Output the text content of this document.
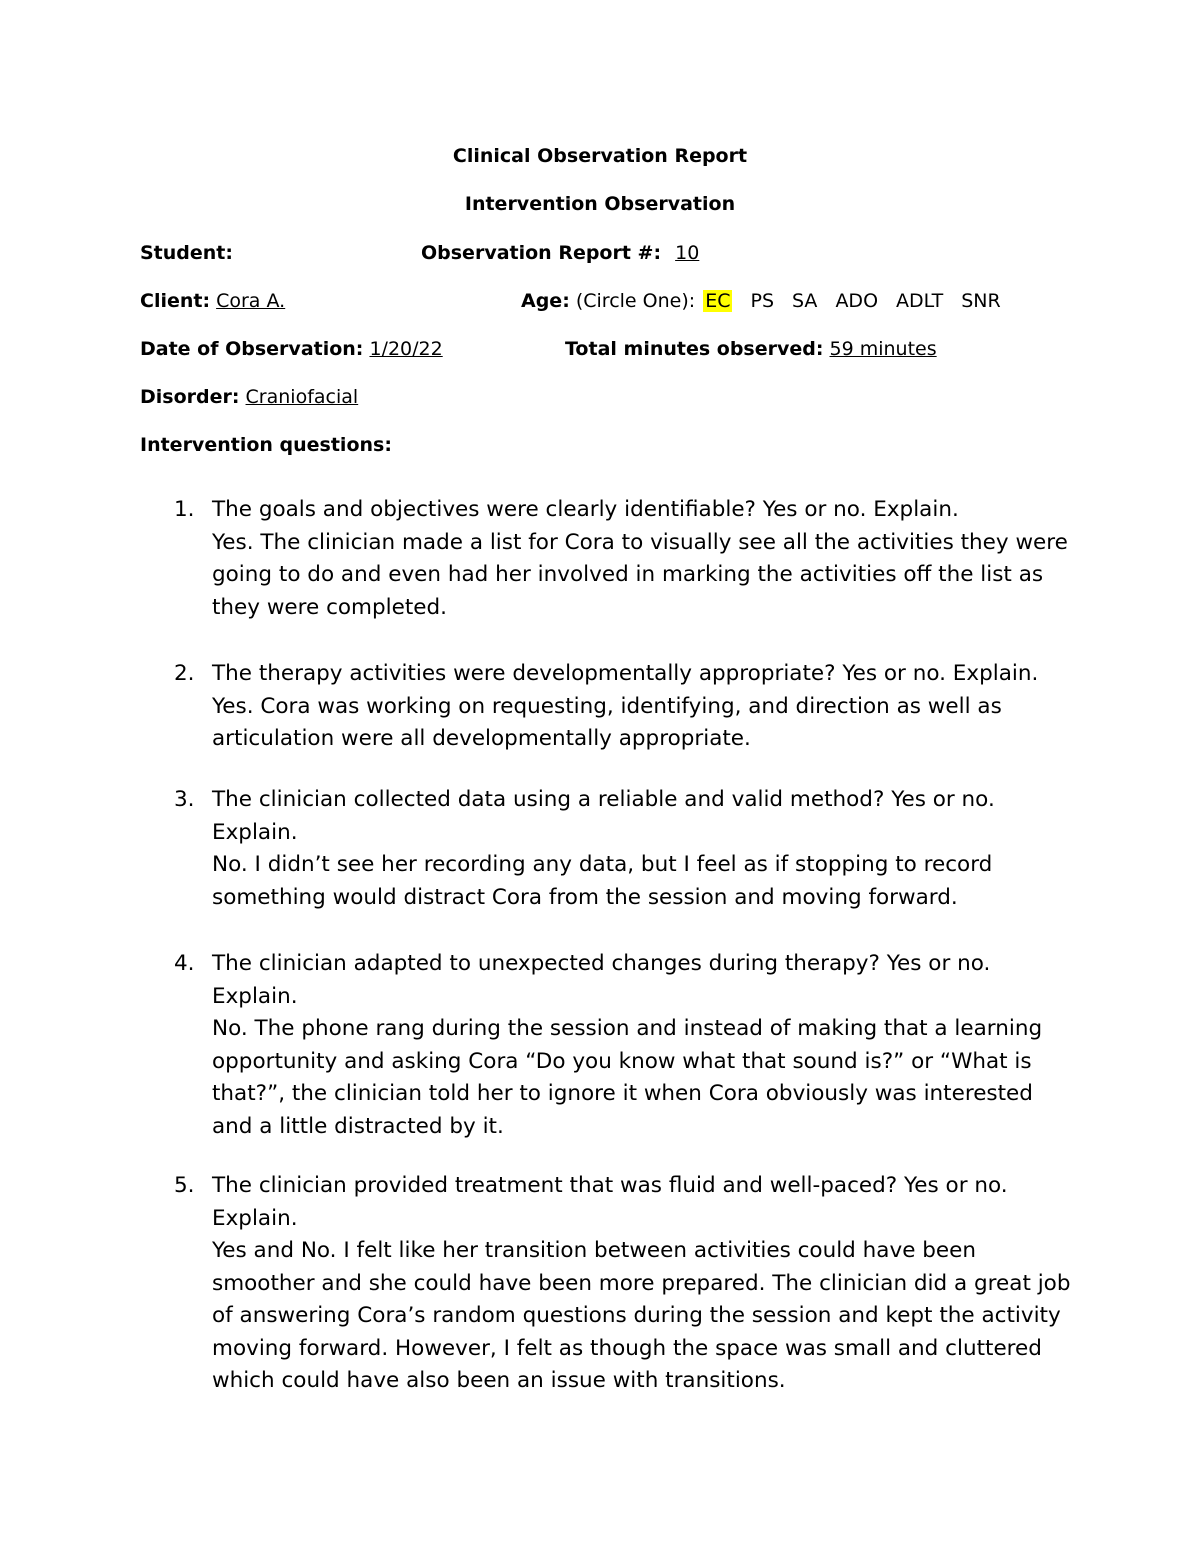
Clinical Observation Report
Intervention Observation
Student:	Observation Report #: 10
Client: Cora A.	Age: (Circle One): EC PS SA ADO ADLT SNR
Date of Observation: 1/20/22	Total minutes observed: 59 minutes
Disorder: Craniofacial
Intervention questions:
1. The goals and objectives were clearly identifiable? Yes or no. Explain.
Yes. The clinician made a list for Cora to visually see all the activities they were going to do and even had her involved in marking the activities off the list as they were completed.
2. The therapy activities were developmentally appropriate? Yes or no. Explain.
Yes. Cora was working on requesting, identifying, and direction as well as articulation were all developmentally appropriate.
3. The clinician collected data using a reliable and valid method? Yes or no. Explain.
No. I didn’t see her recording any data, but I feel as if stopping to record something would distract Cora from the session and moving forward.
4. The clinician adapted to unexpected changes during therapy? Yes or no. Explain.
No. The phone rang during the session and instead of making that a learning opportunity and asking Cora “Do you know what that sound is?” or “What is that?”, the clinician told her to ignore it when Cora obviously was interested and a little distracted by it.
5. The clinician provided treatment that was fluid and well-paced? Yes or no. Explain.
Yes and No. I felt like her transition between activities could have been smoother and she could have been more prepared. The clinician did a great job of answering Cora’s random questions during the session and kept the activity moving forward. However, I felt as though the space was small and cluttered which could have also been an issue with transitions.
